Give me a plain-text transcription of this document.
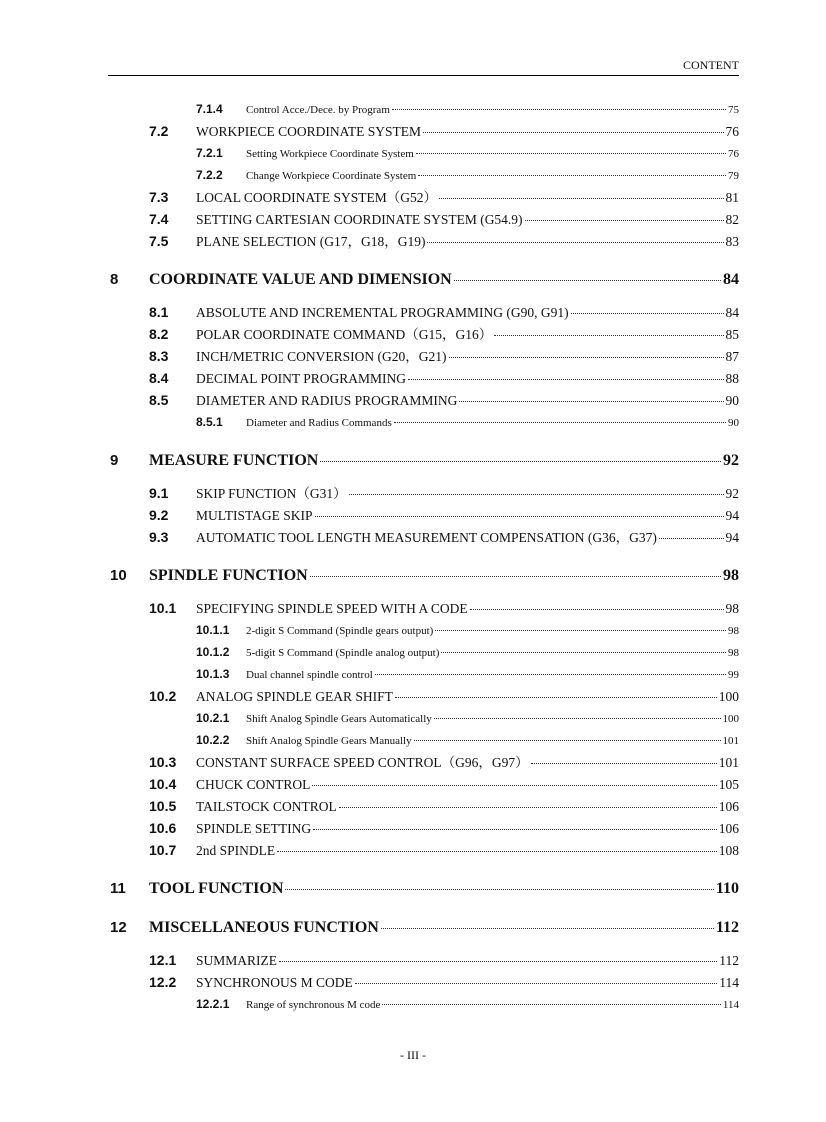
CONTENT
7.1.4	Control Acce./Dece. by Program	75
7.2	WORKPIECE COORDINATE SYSTEM	76
7.2.1	Setting Workpiece Coordinate System	76
7.2.2	Change Workpiece Coordinate System	79
7.3	LOCAL COORDINATE SYSTEM（G52）	81
7.4	SETTING CARTESIAN COORDINATE SYSTEM (G54.9)	82
7.5	PLANE SELECTION (G17，G18，G19)	83
8	COORDINATE VALUE AND DIMENSION	84
8.1	ABSOLUTE AND INCREMENTAL PROGRAMMING (G90, G91)	84
8.2	POLAR COORDINATE COMMAND（G15，G16）	85
8.3	INCH/METRIC CONVERSION (G20，G21)	87
8.4	DECIMAL POINT PROGRAMMING	88
8.5	DIAMETER AND RADIUS PROGRAMMING	90
8.5.1	Diameter and Radius Commands	90
9	MEASURE FUNCTION	92
9.1	SKIP FUNCTION（G31）	92
9.2	MULTISTAGE SKIP	94
9.3	AUTOMATIC TOOL LENGTH MEASUREMENT COMPENSATION (G36，G37)	94
10	SPINDLE FUNCTION	98
10.1	SPECIFYING SPINDLE SPEED WITH A CODE	98
10.1.1	2-digit S Command (Spindle gears output)	98
10.1.2	5-digit S Command (Spindle analog output)	98
10.1.3	Dual channel spindle control	99
10.2	ANALOG SPINDLE GEAR SHIFT	100
10.2.1	Shift Analog Spindle Gears Automatically	100
10.2.2	Shift Analog Spindle Gears Manually	101
10.3	CONSTANT SURFACE SPEED CONTROL（G96，G97）	101
10.4	CHUCK CONTROL	105
10.5	TAILSTOCK CONTROL	106
10.6	SPINDLE SETTING	106
10.7	2nd SPINDLE	108
11	TOOL FUNCTION	110
12	MISCELLANEOUS FUNCTION	112
12.1	SUMMARIZE	112
12.2	SYNCHRONOUS M CODE	114
12.2.1	Range of synchronous M code	114
- III -
